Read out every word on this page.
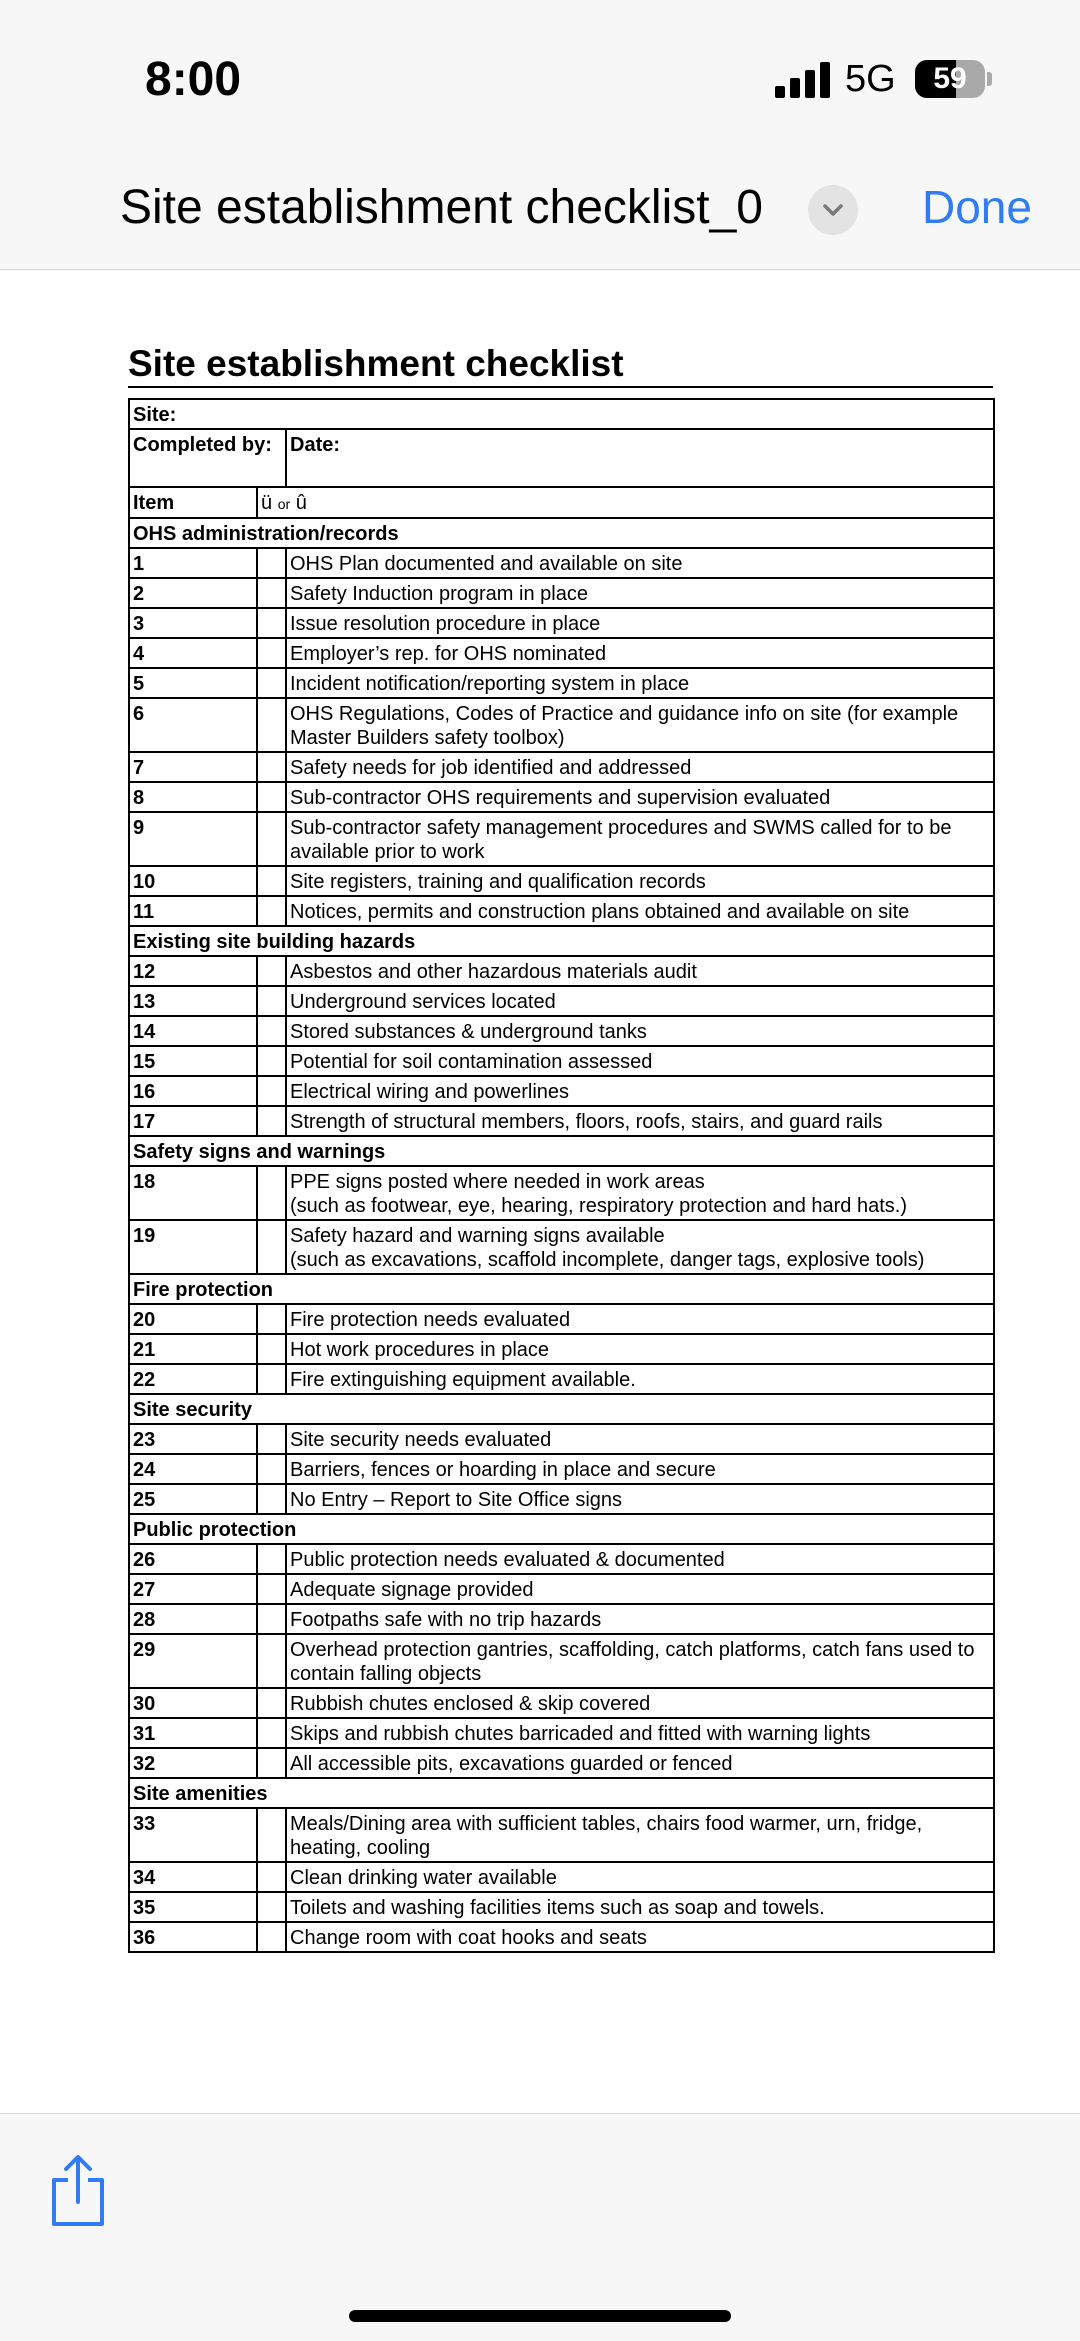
8:00	5G	59
Site establishment checklist_0	Done
Site establishment checklist
Site:		
Completed by:		Date:
Item	ü or û	
OHS administration/records		
1		OHS Plan documented and available on site

2		Safety Induction program in place

3		Issue resolution procedure in place

4		Employer’s rep. for OHS nominated

5		Incident notification/reporting system in place

6		OHS Regulations, Codes of Practice and guidance info on site (for example Master Builders safety toolbox)

7		Safety needs for job identified and addressed

8		Sub-contractor OHS requirements and supervision evaluated

9		Sub-contractor safety management procedures and SWMS called for to be available prior to work

10		Site registers, training and qualification records

11		Notices, permits and construction plans obtained and available on site

Existing site building hazards		
12		Asbestos and other hazardous materials audit

13		Underground services located

14		Stored substances & underground tanks

15		Potential for soil contamination assessed

16		Electrical wiring and powerlines

17		Strength of structural members, floors, roofs, stairs, and guard rails

Safety signs and warnings		
18		PPE signs posted where needed in work areas
(such as footwear, eye, hearing, respiratory protection and hard hats.)

19		Safety hazard and warning signs available
(such as excavations, scaffold incomplete, danger tags, explosive tools)

Fire protection		
20		Fire protection needs evaluated

21		Hot work procedures in place

22		Fire extinguishing equipment available.

Site security		
23		Site security needs evaluated

24		Barriers, fences or hoarding in place and secure

25		No Entry – Report to Site Office signs

Public protection		
26		Public protection needs evaluated & documented

27		Adequate signage provided

28		Footpaths safe with no trip hazards

29		Overhead protection gantries, scaffolding, catch platforms, catch fans used to contain falling objects

30		Rubbish chutes enclosed & skip covered

31		Skips and rubbish chutes barricaded and fitted with warning lights

32		All accessible pits, excavations guarded or fenced

Site amenities		
33		Meals/Dining area with sufficient tables, chairs food warmer, urn, fridge, heating, cooling

34		Clean drinking water available

35		Toilets and washing facilities items such as soap and towels.

36		Change room with coat hooks and seats
